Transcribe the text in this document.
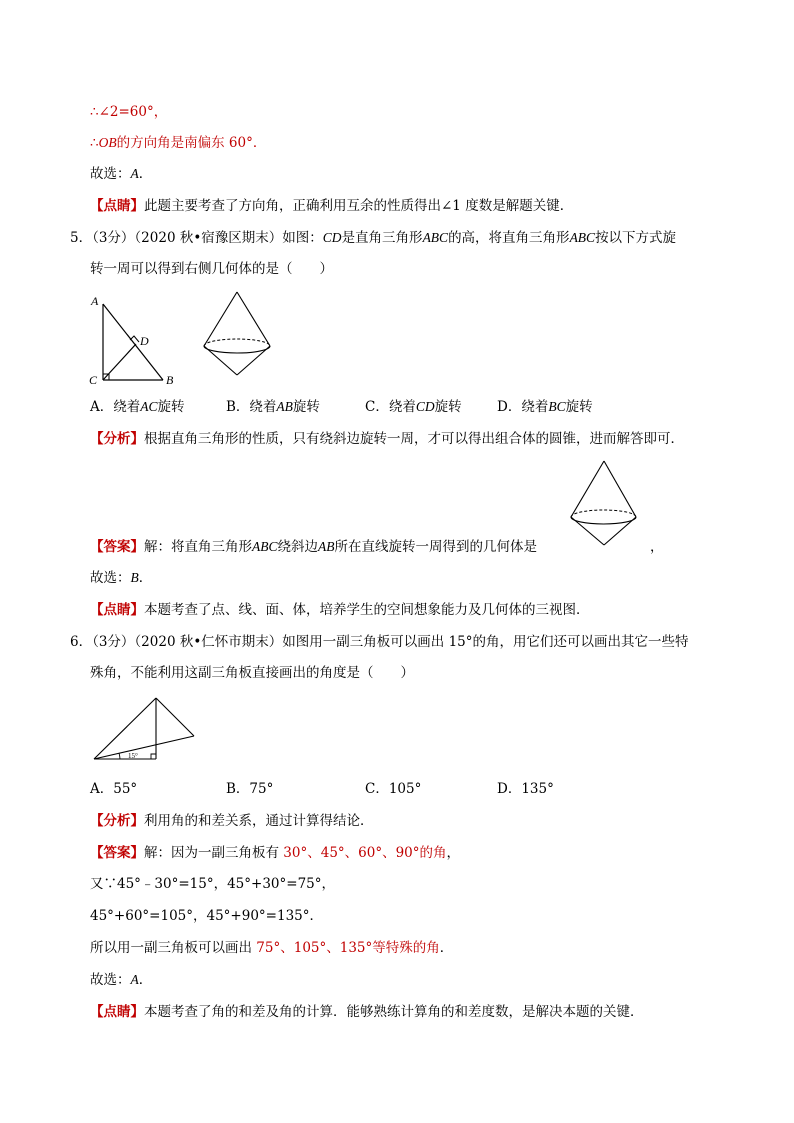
∴∠2=60°，
∴OB的方向角是南偏东 60°．
故选：A．
【点睛】此题主要考查了方向角，正确利用互余的性质得出∠1 度数是解题关键．
5．（3分）（2020 秋•宿豫区期末）如图：CD是直角三角形ABC的高，将直角三角形ABC按以下方式旋
转一周可以得到右侧几何体的是（　　）
A
D
C	B
A．绕着AC旋转	B．绕着AB旋转	C．绕着CD旋转	D．绕着BC旋转
【分析】根据直角三角形的性质，只有绕斜边旋转一周，才可以得出组合体的圆锥，进而解答即可．
【答案】解：将直角三角形ABC绕斜边AB所在直线旋转一周得到的几何体是	，
故选：B．
【点睛】本题考查了点、线、面、体，培养学生的空间想象能力及几何体的三视图．
6．（3分）（2020 秋•仁怀市期末）如图用一副三角板可以画出 15°的角，用它们还可以画出其它一些特
殊角，不能利用这副三角板直接画出的角度是（　　）
15°
A．55°	B．75°	C．105°	D．135°
【分析】利用角的和差关系，通过计算得结论．
【答案】解：因为一副三角板有 30°、45°、60°、90°的角，
又∵45°﹣30°=15°，45°+30°=75°，
45°+60°=105°，45°+90°=135°．
所以用一副三角板可以画出 75°、105°、135°等特殊的角．
故选：A．
【点睛】本题考查了角的和差及角的计算．能够熟练计算角的和差度数，是解决本题的关键．
